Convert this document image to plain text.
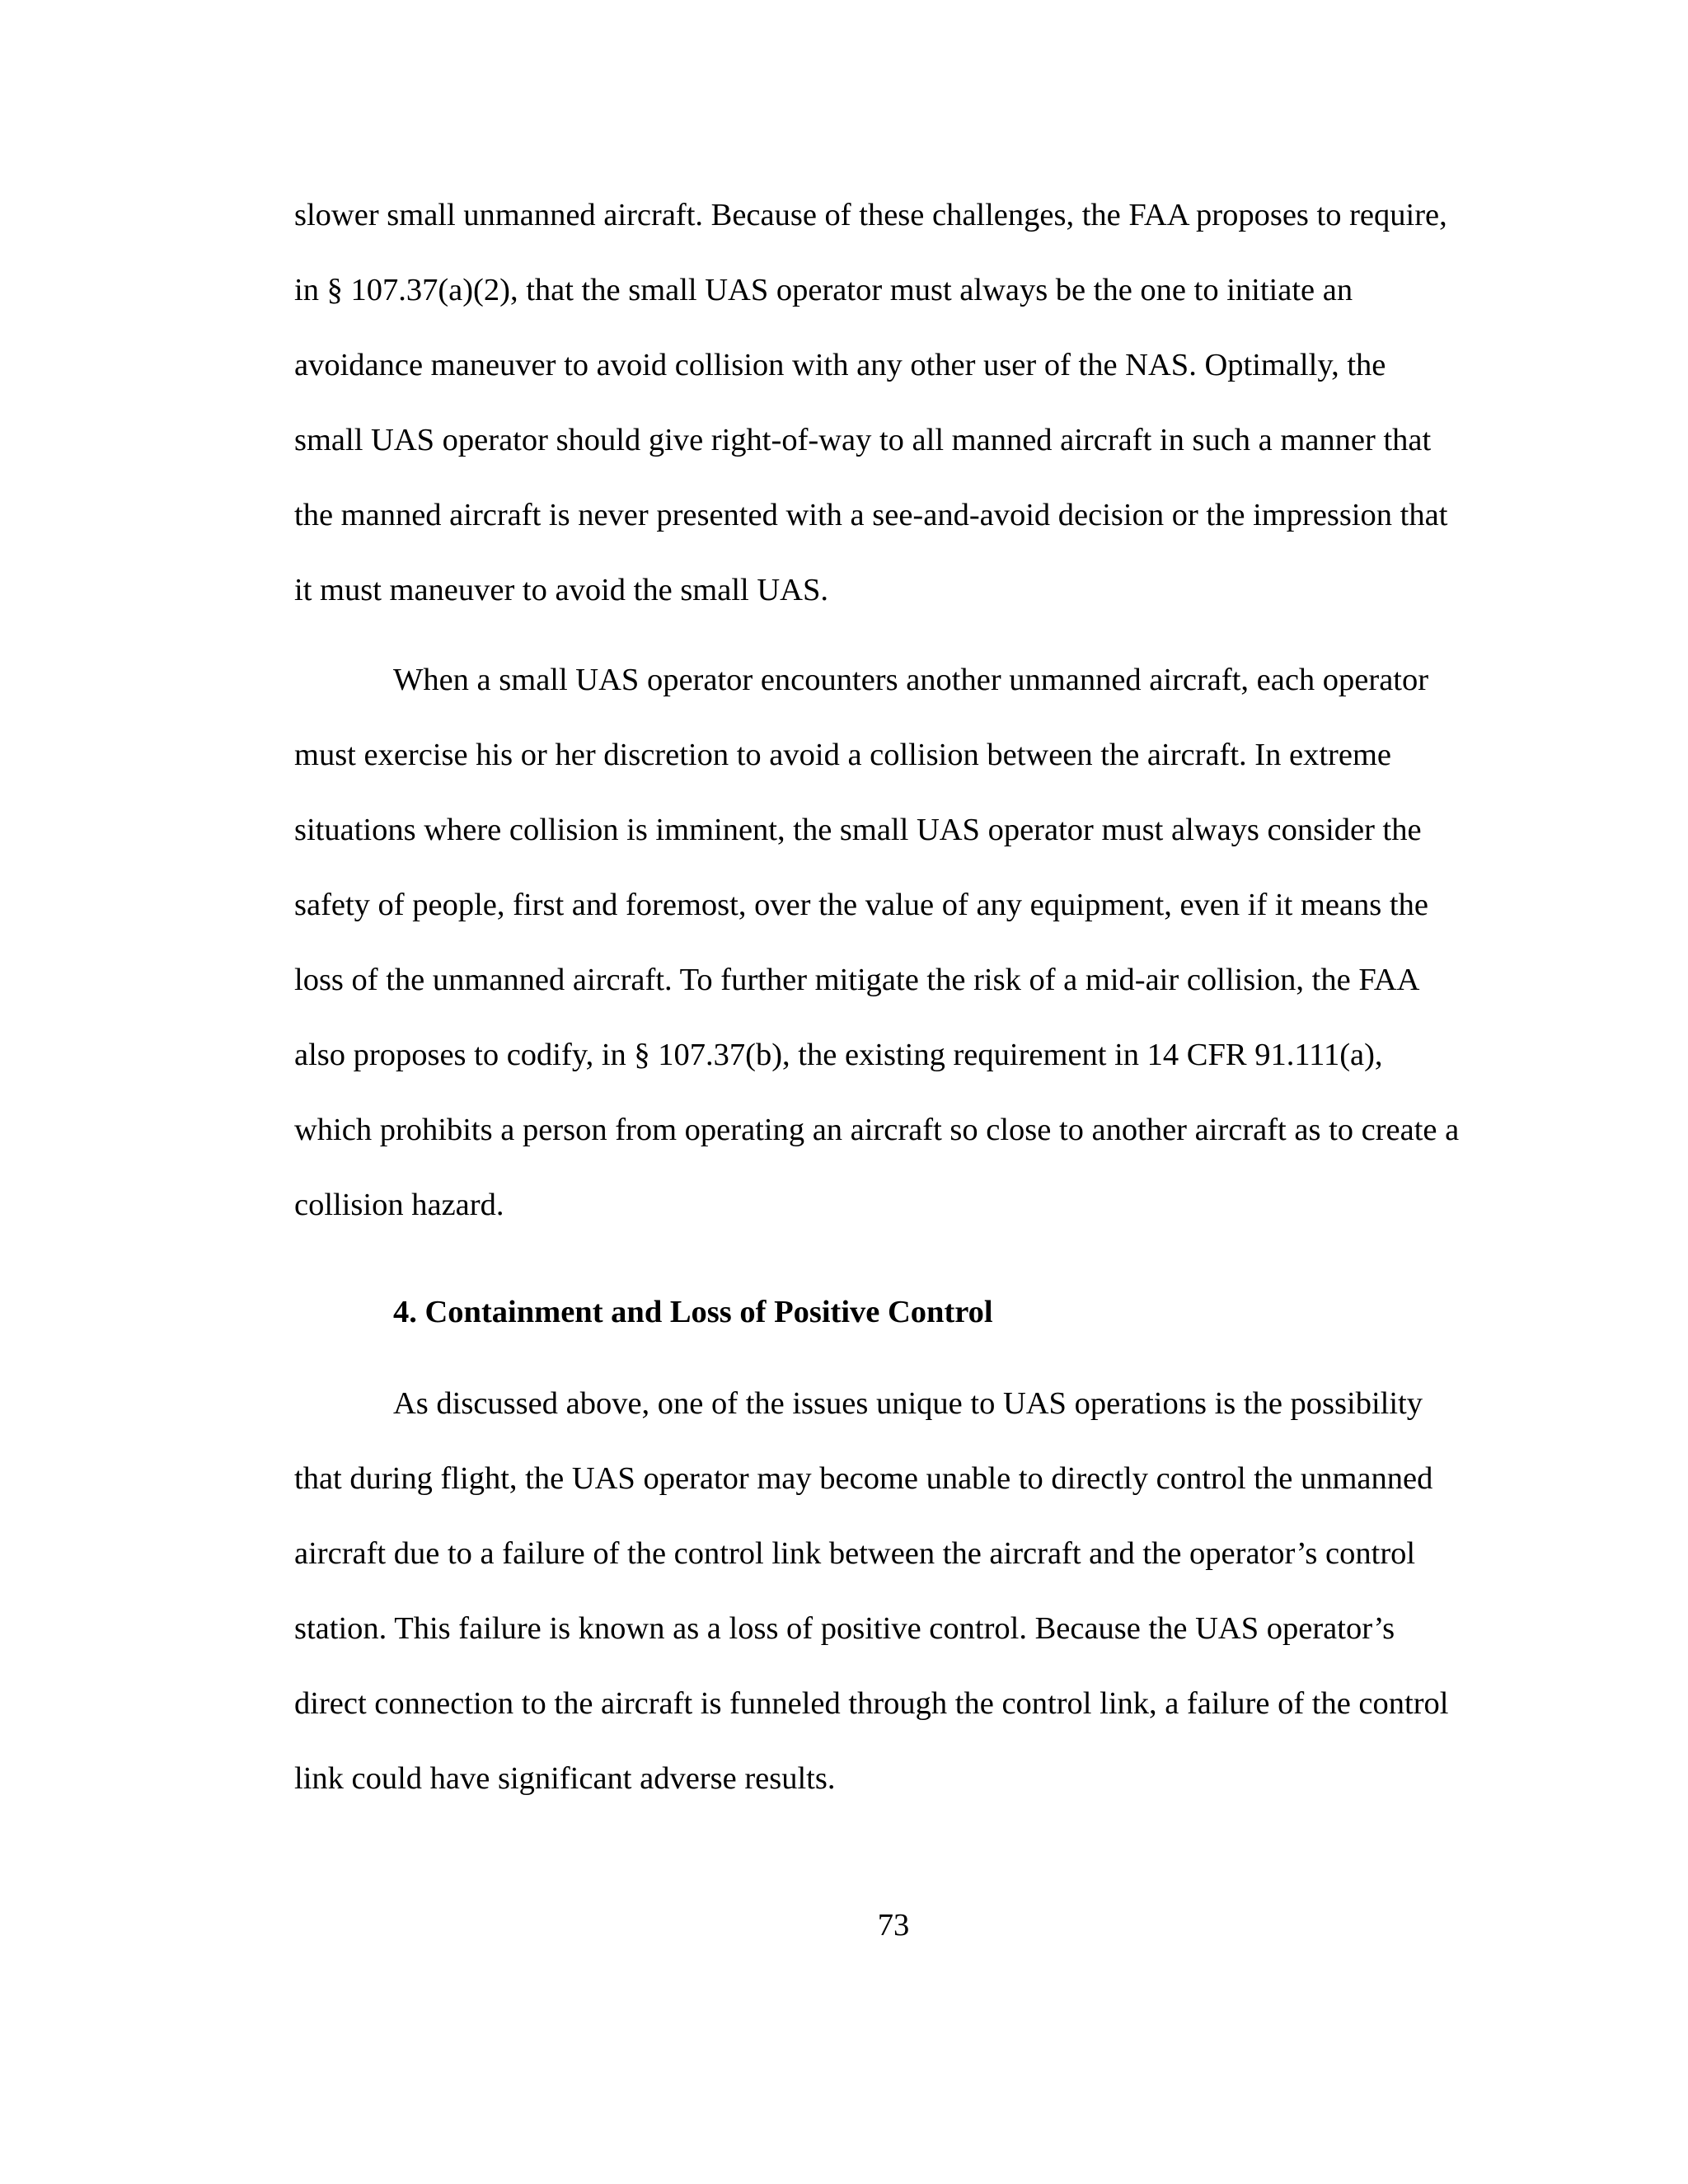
slower small unmanned aircraft. Because of these challenges, the FAA proposes to require,
in § 107.37(a)(2), that the small UAS operator must always be the one to initiate an
avoidance maneuver to avoid collision with any other user of the NAS. Optimally, the
small UAS operator should give right-of-way to all manned aircraft in such a manner that
the manned aircraft is never presented with a see-and-avoid decision or the impression that
it must maneuver to avoid the small UAS.
When a small UAS operator encounters another unmanned aircraft, each operator
must exercise his or her discretion to avoid a collision between the aircraft. In extreme
situations where collision is imminent, the small UAS operator must always consider the
safety of people, first and foremost, over the value of any equipment, even if it means the
loss of the unmanned aircraft. To further mitigate the risk of a mid-air collision, the FAA
also proposes to codify, in § 107.37(b), the existing requirement in 14 CFR 91.111(a),
which prohibits a person from operating an aircraft so close to another aircraft as to create a
collision hazard.
4. Containment and Loss of Positive Control
As discussed above, one of the issues unique to UAS operations is the possibility
that during flight, the UAS operator may become unable to directly control the unmanned
aircraft due to a failure of the control link between the aircraft and the operator’s control
station. This failure is known as a loss of positive control. Because the UAS operator’s
direct connection to the aircraft is funneled through the control link, a failure of the control
link could have significant adverse results.
73
